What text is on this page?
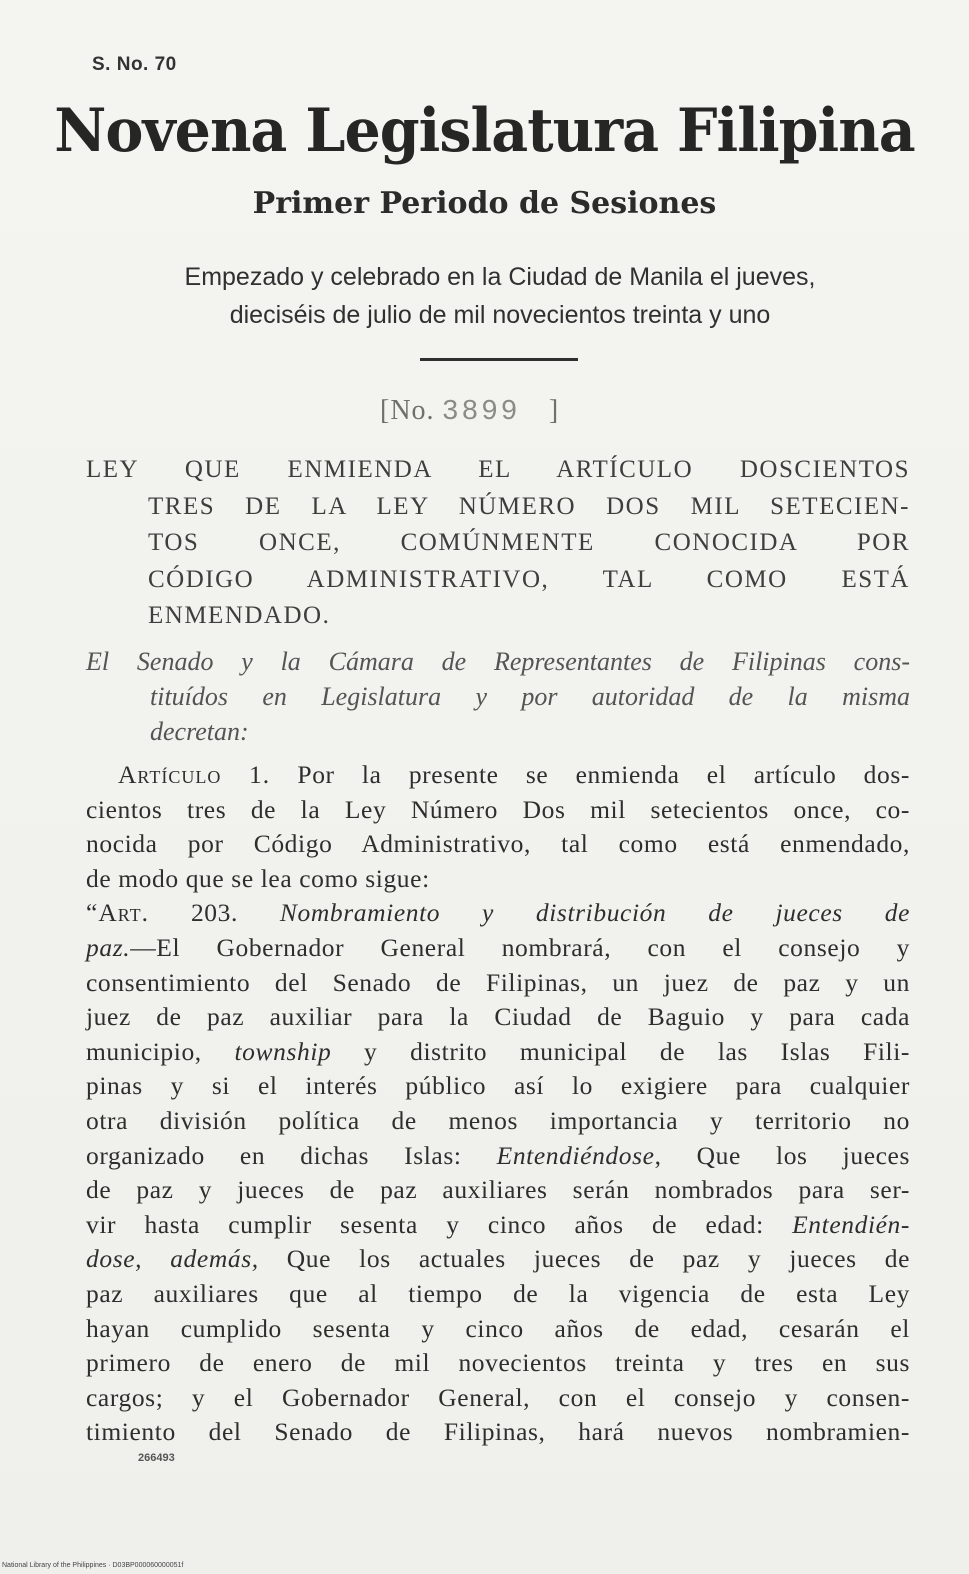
S. No. 70
Novena Legislatura Filipina
Primer Periodo de Sesiones
Empezado y celebrado en la Ciudad de Manila el jueves,
dieciséis de julio de mil novecientos treinta y uno
[No. 3899 ]
LEY QUE ENMIENDA EL ARTÍCULO DOSCIENTOS
TRES DE LA LEY NÚMERO DOS MIL SETECIEN-
TOS ONCE, COMÚNMENTE CONOCIDA POR
CÓDIGO ADMINISTRATIVO, TAL COMO ESTÁ
ENMENDADO.
El Senado y la Cámara de Representantes de Filipinas cons-
tituídos en Legislatura y por autoridad de la misma
decretan:
Artículo 1. Por la presente se enmienda el artículo dos-
cientos tres de la Ley Número Dos mil setecientos once, co-
nocida por Código Administrativo, tal como está enmendado,
de modo que se lea como sigue:
“Art. 203. Nombramiento y distribución de jueces de
paz.—El Gobernador General nombrará, con el consejo y
consentimiento del Senado de Filipinas, un juez de paz y un
juez de paz auxiliar para la Ciudad de Baguio y para cada
municipio, township y distrito municipal de las Islas Fili-
pinas y si el interés público así lo exigiere para cualquier
otra división política de menos importancia y territorio no
organizado en dichas Islas: Entendiéndose, Que los jueces
de paz y jueces de paz auxiliares serán nombrados para ser-
vir hasta cumplir sesenta y cinco años de edad: Entendién-
dose, además, Que los actuales jueces de paz y jueces de
paz auxiliares que al tiempo de la vigencia de esta Ley
hayan cumplido sesenta y cinco años de edad, cesarán el
primero de enero de mil novecientos treinta y tres en sus
cargos; y el Gobernador General, con el consejo y consen-
timiento del Senado de Filipinas, hará nuevos nombramien-
266493
National Library of the Philippines · D03BP000060000051f
